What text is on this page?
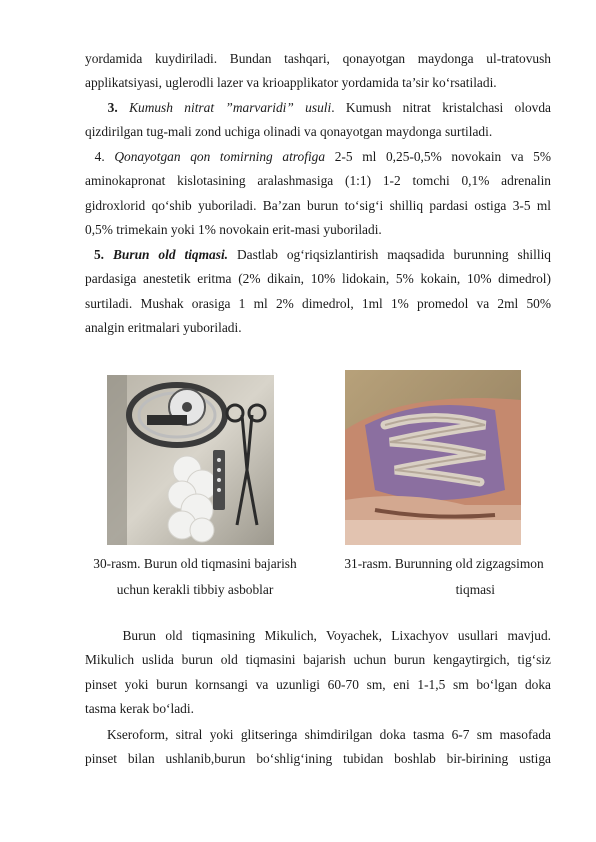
yordamida kuydiriladi. Bundan tashqari, qonayotgan maydonga ul-tratovush
applikatsiyasi, uglerodli lazer va krioapplikator yordamida ta’sir ko‘rsatiladi.
3. Kumush nitrat ”marvaridi” usuli. Kumush nitrat kristalchasi olovda
qizdirilgan tug-mali zond uchiga olinadi va qonayotgan maydonga surtiladi.
4. Qonayotgan qon tomirning atrofiga 2-5 ml 0,25-0,5% novokain va 5%
aminokapronat kislotasining aralashmasiga (1:1) 1-2 tomchi 0,1% adrenalin
gidroxlorid qo‘shib yuboriladi. Ba’zan burun to‘sig‘i shilliq pardasi ostiga 3-5 ml
0,5% trimekain yoki 1% novokain erit-masi yuboriladi.
5. Burun old tiqmasi. Dastlab og‘riqsizlantirish maqsadida burunning shilliq
pardasiga anestetik eritma (2% dikain, 10% lidokain, 5% kokain, 10% dimedrol)
surtiladi. Mushak orasiga 1 ml 2% dimedrol, 1ml 1% promedol va 2ml 50%
analgin eritmalari yuboriladi.
30-rasm. Burun old tiqmasini bajarish
uchun kerakli tibbiy asboblar
31-rasm. Burunning old zigzagsimon
tiqmasi
Burun old tiqmasining Mikulich, Voyachek, Lixachyov usullari mavjud.
Mikulich uslida burun old tiqmasini bajarish uchun burun kengaytirgich, tig‘siz
pinset yoki burun kornsangi va uzunligi 60-70 sm, eni 1-1,5 sm bo‘lgan doka
tasma kerak bo‘ladi.
Kseroform, sitral yoki glitseringa shimdirilgan doka tasma 6-7 sm masofada
pinset bilan ushlanib,burun bo‘shlig‘ining tubidan boshlab bir-birining ustiga
